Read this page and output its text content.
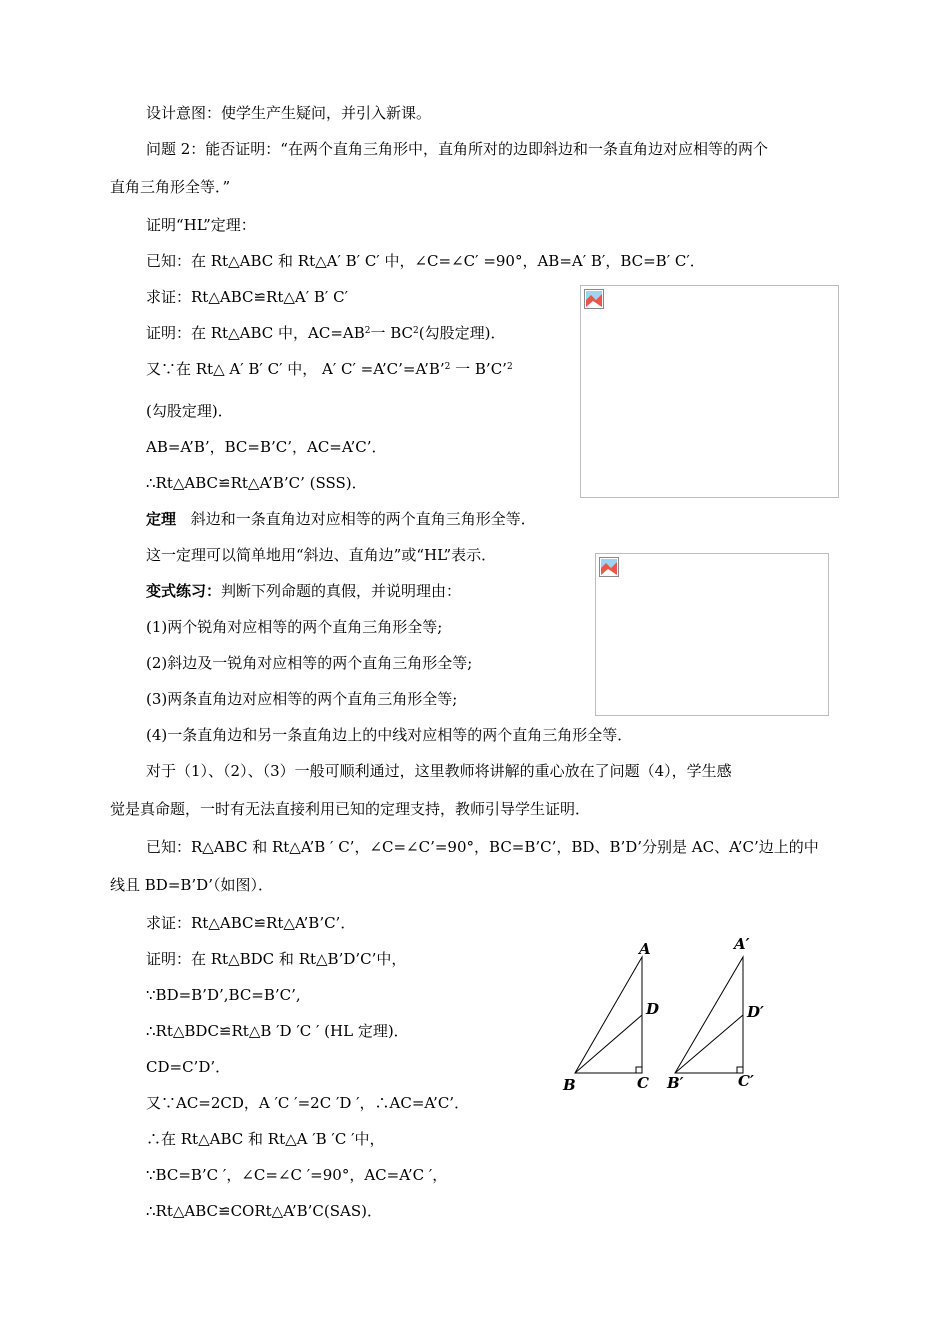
设计意图：使学生产生疑问，并引入新课。
问题 2：能否证明：“在两个直角三角形中，直角所对的边即斜边和一条直角边对应相等的两个
直角三角形全等．”
证明“HL”定理：
已知：在 Rt△ABC 和 Rt△A′ B′ C′ 中，∠C=∠C′ =90°，AB=A′ B′，BC=B′ C′．
求证：Rt△ABC≌Rt△A′ B′ C′
证明：在 Rt△ABC 中，$AC=AB^2$一 $BC^2$(勾股定理)．
又∵在 Rt△ A′ B′ C′ 中， A′ C′ =A’C’=A’B’$^2$ 一 B’C’$^2$
(勾股定理)．
AB=A’B’，BC=B’C’，AC=A’C’．
∴Rt△ABC≌Rt△A’B’C’ (SSS)．
定理 斜边和一条直角边对应相等的两个直角三角形全等．
这一定理可以简单地用“斜边、直角边”或“HL”表示．
变式练习：判断下列命题的真假，并说明理由：
(1)两个锐角对应相等的两个直角三角形全等;
(2)斜边及一锐角对应相等的两个直角三角形全等;
(3)两条直角边对应相等的两个直角三角形全等;
(4)一条直角边和另一条直角边上的中线对应相等的两个直角三角形全等．
对于（1）、（2）、（3）一般可顺利通过，这里教师将讲解的重心放在了问题（4），学生感
觉是真命题，一时有无法直接利用已知的定理支持，教师引导学生证明．
已知：R△ABC 和 Rt△A’B ′ C’，∠C=∠C’=90°，BC=B’C’，BD、B’D’分别是 AC、A’C’边上的中
线且 BD=B’D’（如图）．
求证：Rt△ABC≌Rt△A’B’C’．
证明：在 Rt△BDC 和 Rt△B’D’C’中，
∵BD=B’D’,BC=B’C’,
∴Rt△BDC≌Rt△B ′D ′C ′ (HL 定理)．
CD=C’D’．
又∵AC=2CD，A ′C ′=2C ′D ′，∴AC=A’C’．
∴在 Rt△ABC 和 Rt△A ′B ′C ′中，
∵BC=B’C ′，∠C=∠C ′=90°，AC=A’C ′，
∴Rt△ABC≌CORt△A’B’C(SAS)．
A
D
B	C
A′
D′
B′	C′
